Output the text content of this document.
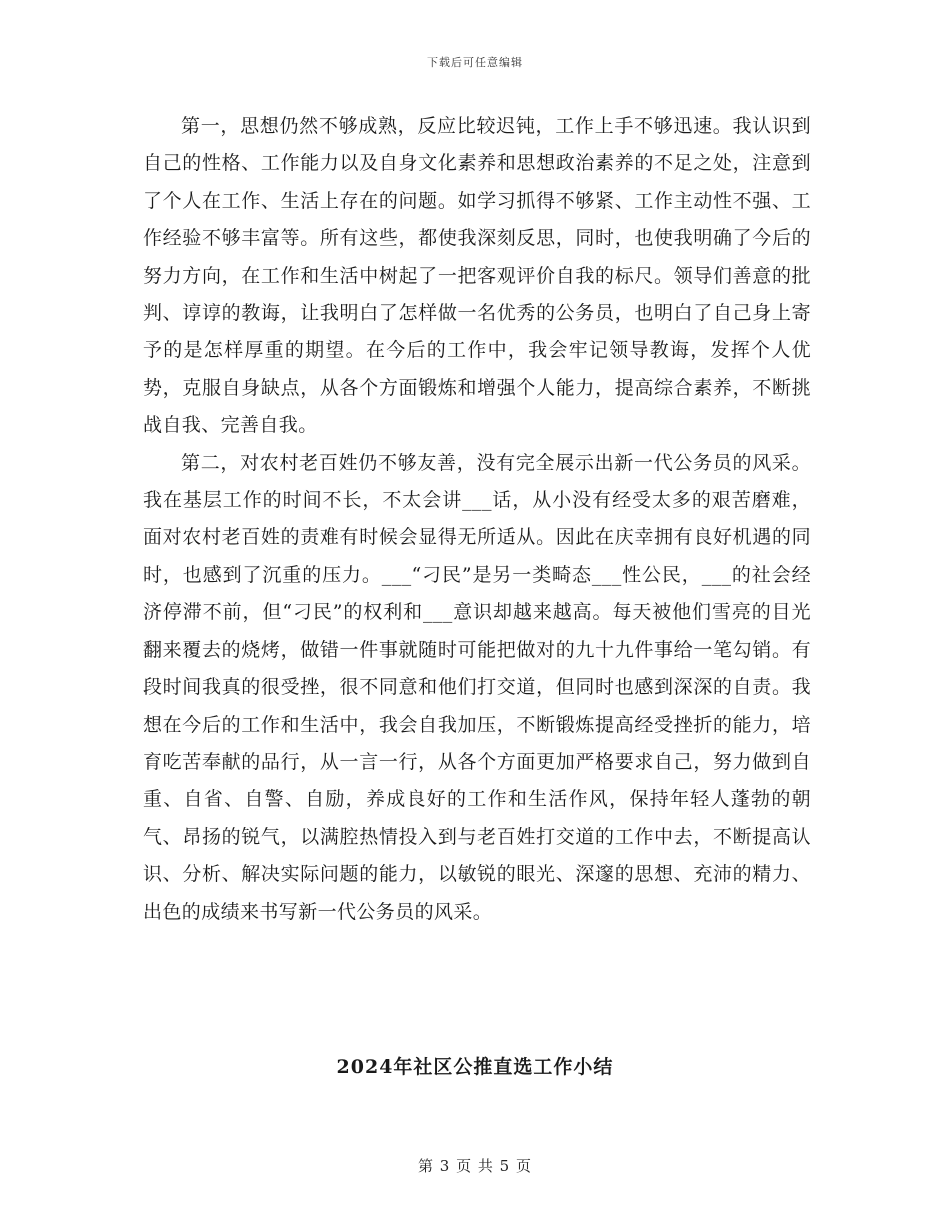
下载后可任意编辑

第一，思想仍然不够成熟，反应比较迟钝，工作上手不够迅速。我认识到自己的性格、工作能力以及自身文化素养和思想政治素养的不足之处，注意到了个人在工作、生活上存在的问题。如学习抓得不够紧、工作主动性不强、工作经验不够丰富等。所有这些，都使我深刻反思，同时，也使我明确了今后的努力方向，在工作和生活中树起了一把客观评价自我的标尺。领导们善意的批判、谆谆的教诲，让我明白了怎样做一名优秀的公务员，也明白了自己身上寄予的是怎样厚重的期望。在今后的工作中，我会牢记领导教诲，发挥个人优势，克服自身缺点，从各个方面锻炼和增强个人能力，提高综合素养，不断挑战自我、完善自我。

第二，对农村老百姓仍不够友善，没有完全展示出新一代公务员的风采。我在基层工作的时间不长，不太会讲___话，从小没有经受太多的艰苦磨难，面对农村老百姓的责难有时候会显得无所适从。因此在庆幸拥有良好机遇的同时，也感到了沉重的压力。___“刁民”是另一类畸态___性公民，___的社会经济停滞不前，但“刁民”的权利和___意识却越来越高。每天被他们雪亮的目光翻来覆去的烧烤，做错一件事就随时可能把做对的九十九件事给一笔勾销。有段时间我真的很受挫，很不同意和他们打交道，但同时也感到深深的自责。我想在今后的工作和生活中，我会自我加压，不断锻炼提高经受挫折的能力，培育吃苦奉献的品行，从一言一行，从各个方面更加严格要求自己，努力做到自重、自省、自警、自励，养成良好的工作和生活作风，保持年轻人蓬勃的朝气、昂扬的锐气，以满腔热情投入到与老百姓打交道的工作中去，不断提高认识、分析、解决实际问题的能力，以敏锐的眼光、深邃的思想、充沛的精力、出色的成绩来书写新一代公务员的风采。

2024年社区公推直选工作小结
第 3 页 共 5 页
